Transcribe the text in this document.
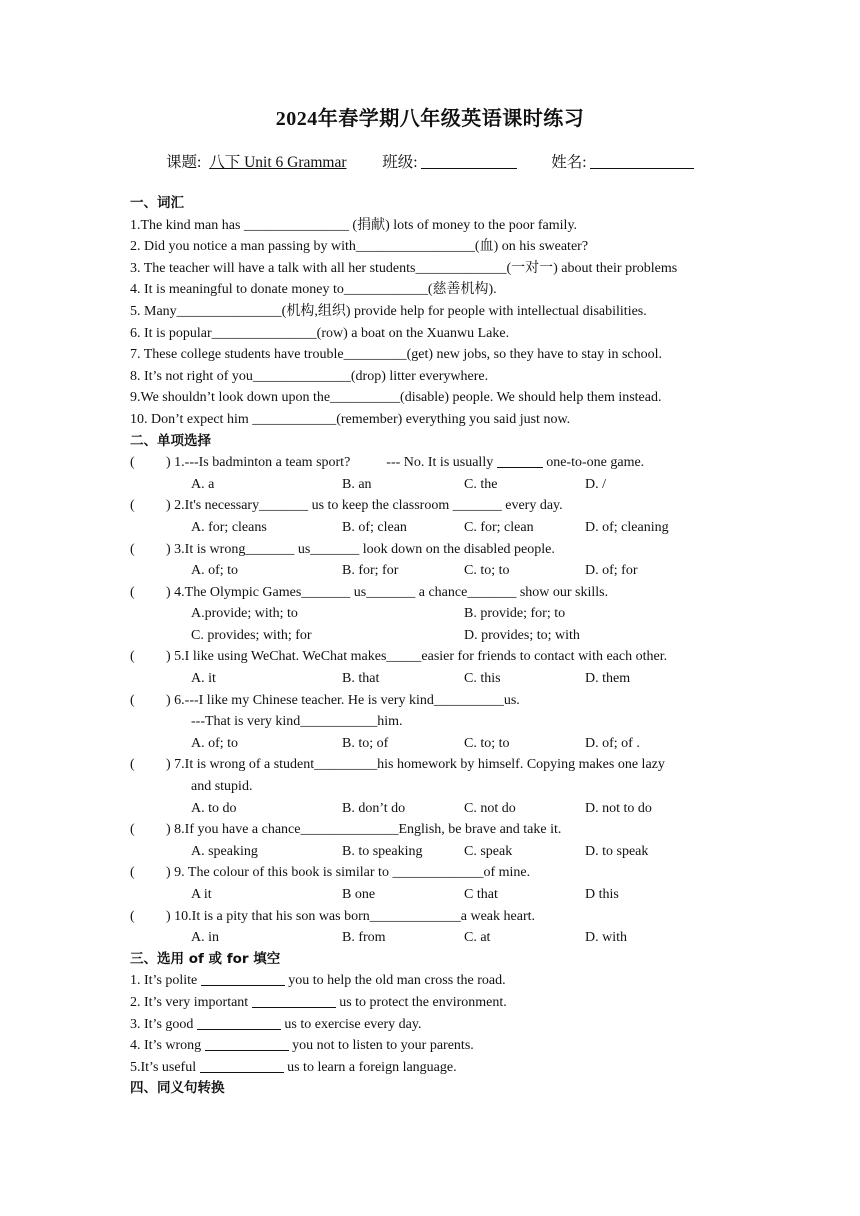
2024年春学期八年级英语课时练习
课题: 八下 Unit 6 Grammar 班级:	姓名:
一、词汇
1.The kind man has _______________ (捐献) lots of money to the poor family.
2. Did you notice a man passing by with_________________(血) on his sweater?
3. The teacher will have a talk with all her students_____________(一对一) about their problems
4. It is meaningful to donate money to____________(慈善机构).
5. Many_______________(机构,组织) provide help for people with intellectual disabilities.
6. It is popular_______________(row) a boat on the Xuanwu Lake.
7. These college students have trouble_________(get) new jobs, so they have to stay in school.
8. It’s not right of you______________(drop) litter everywhere.
9.We shouldn’t look down upon the__________(disable) people. We should help them instead.
10. Don’t expect him ____________(remember) everything you said just now.
二、单项选择
( ) 1.---Is badminton a team sport?	--- No. It is usually	one-to-one game.
A. a	B. an	C. the	D. /
( ) 2.It's necessary_______ us to keep the classroom _______ every day.
A. for; cleans	B. of; clean	C. for; clean	D. of; cleaning
( ) 3.It is wrong_______ us_______ look down on the disabled people.
A. of; to	B. for; for	C. to; to	D. of; for
( ) 4.The Olympic Games_______ us_______ a chance_______ show our skills.
A.provide; with; to	B. provide; for; to
C. provides; with; for	D. provides; to; with
( ) 5.I like using WeChat. WeChat makes_____easier for friends to contact with each other.
A. it	B. that	C. this	D. them
( ) 6.---I like my Chinese teacher. He is very kind__________us.
---That is very kind___________him.
A. of; to	B. to; of	C. to; to	D. of; of .
( ) 7.It is wrong of a student_________his homework by himself. Copying makes one lazy
and stupid.
A. to do	B. don’t do	C. not do	D. not to do
( ) 8.If you have a chance______________English, be brave and take it.
A. speaking	B. to speaking	C. speak	D. to speak
( ) 9. The colour of this book is similar to _____________of mine.
A it	B one	C that	D this
( ) 10.It is a pity that his son was born_____________a weak heart.
A. in	B. from	C. at	D. with
三、选用 of 或 for 填空
1. It’s polite	you to help the old man cross the road.
2. It’s very important	us to protect the environment.
3. It’s good	us to exercise every day.
4. It’s wrong	you not to listen to your parents.
5.It’s useful	us to learn a foreign language.
四、同义句转换
